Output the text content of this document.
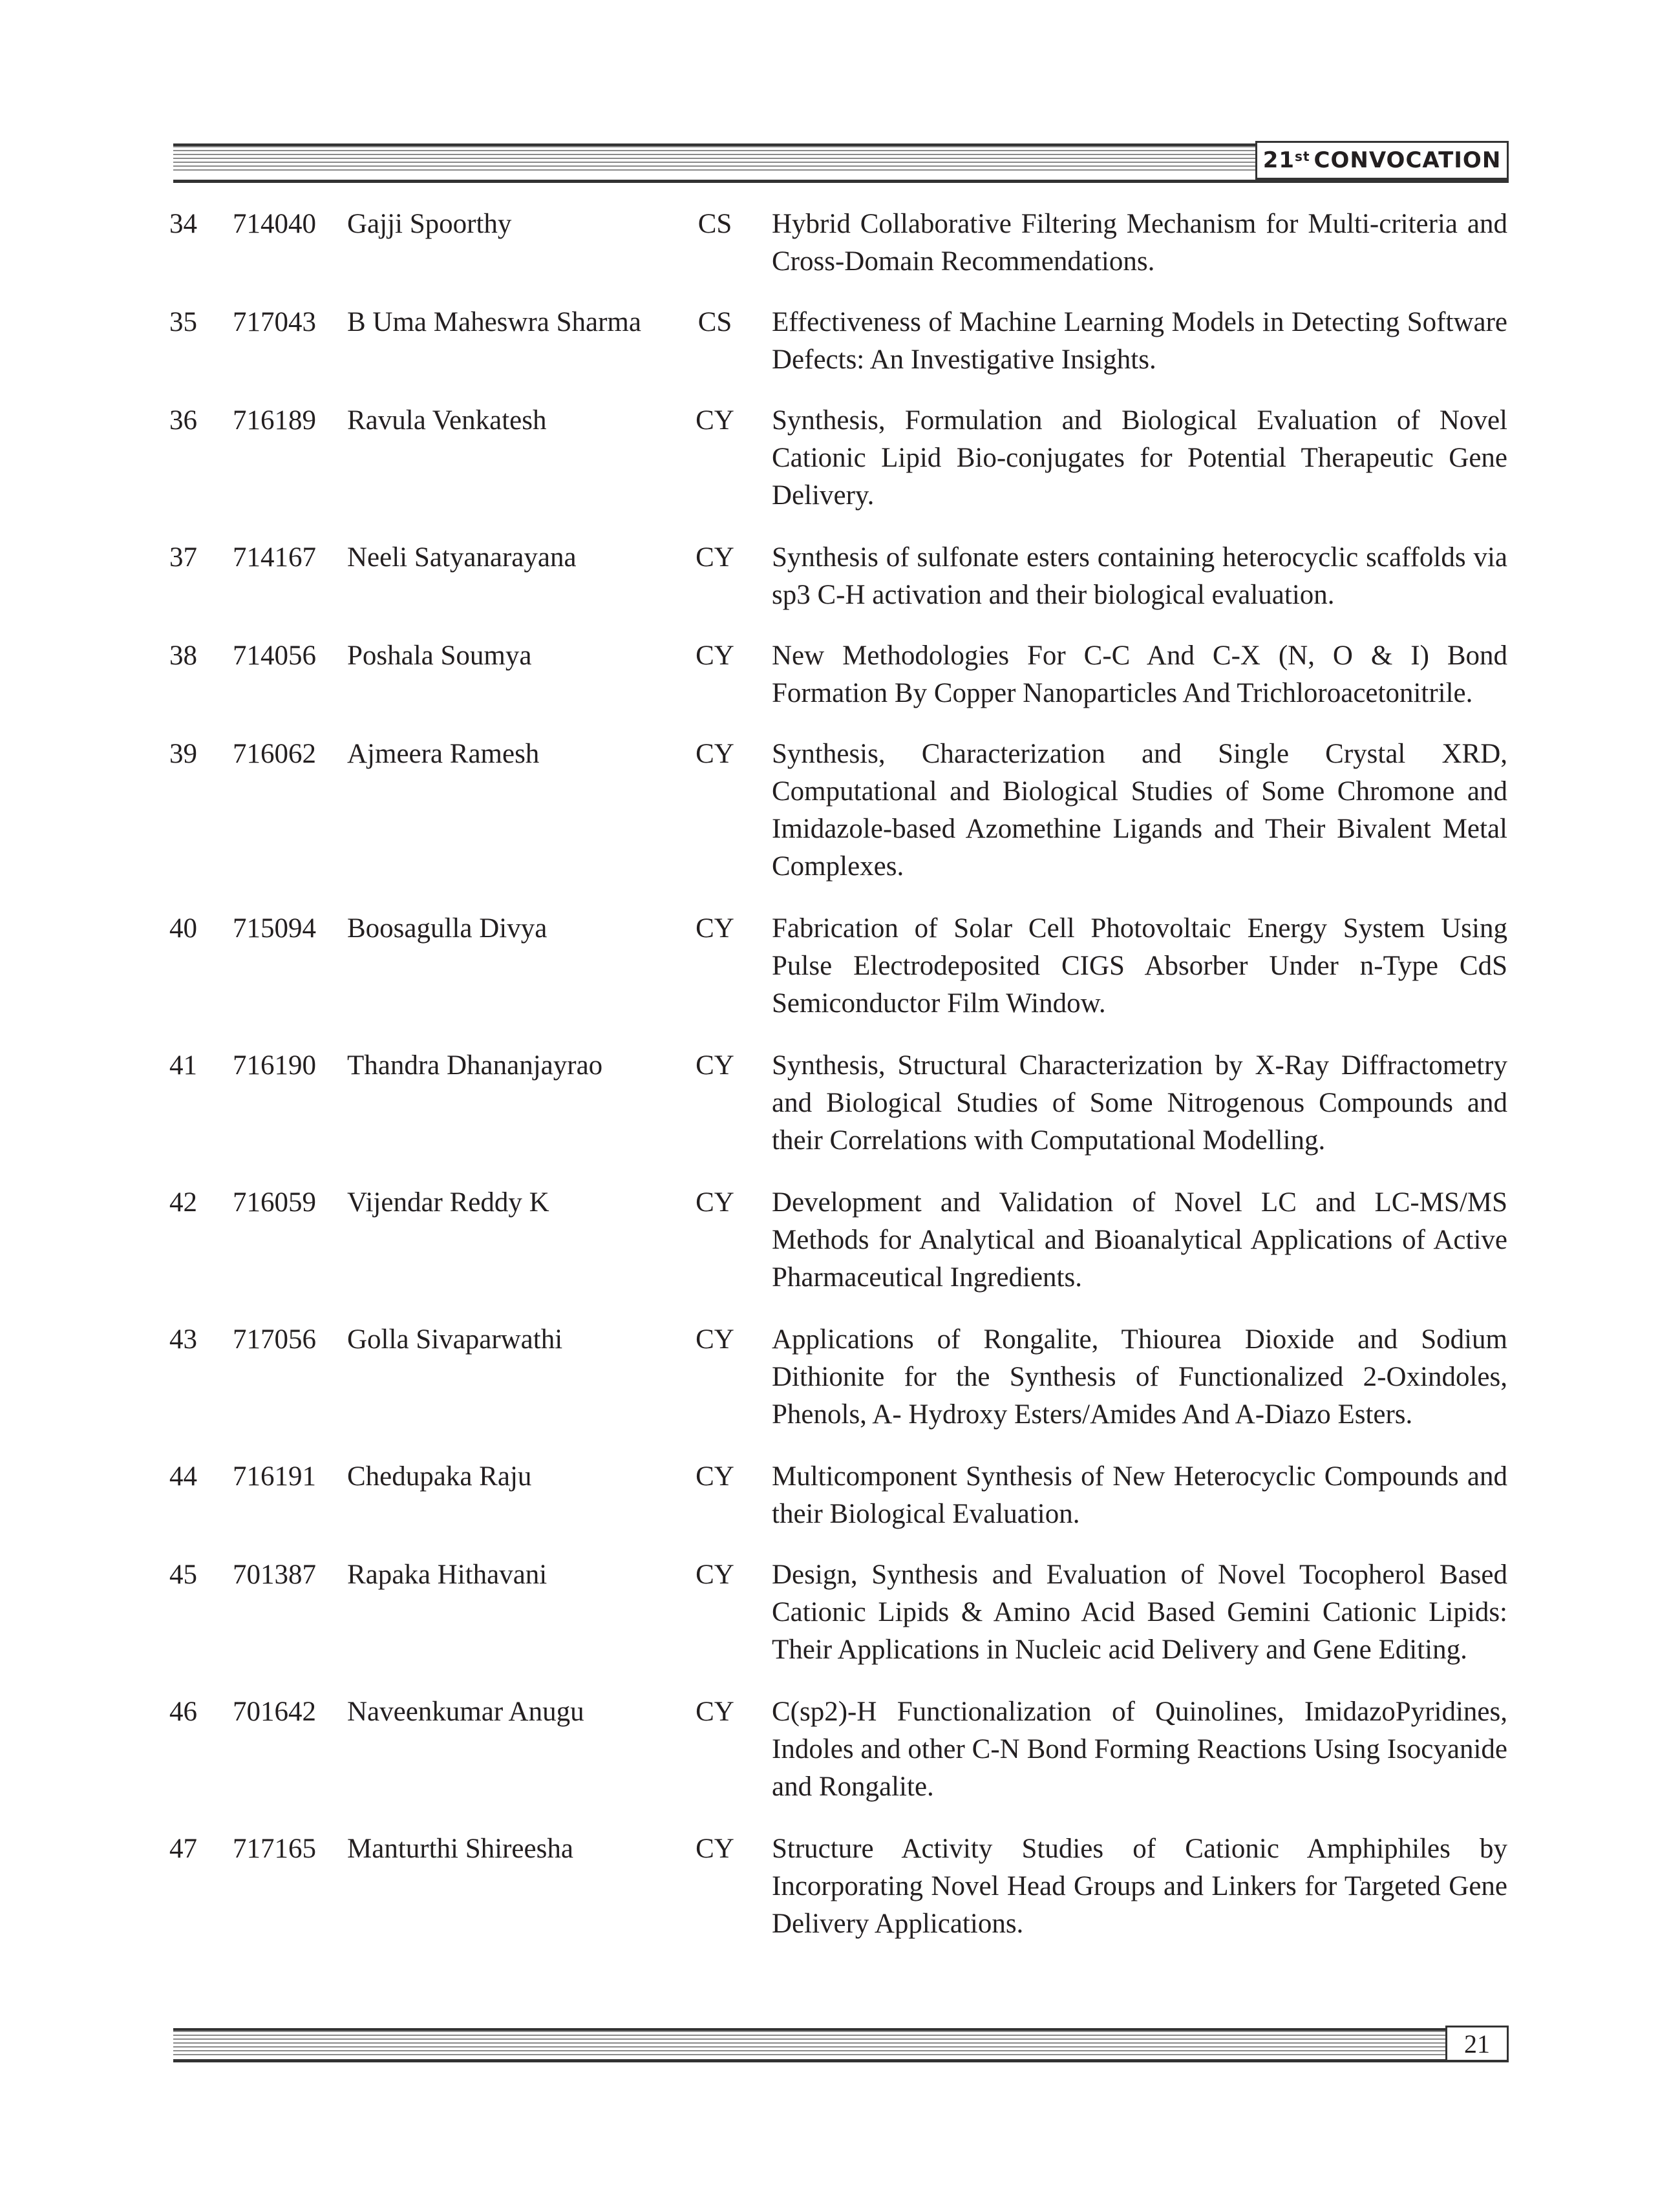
21st CONVOCATION
34 714040 Gajji Spoorthy	CS Hybrid Collaborative Filtering Mechanism for Multi-criteria and Cross-Domain Recommendations.
35 717043 B Uma Maheswra Sharma CS Effectiveness of Machine Learning Models in Detecting Software Defects: An Investigative Insights.
36 716189 Ravula Venkatesh	CY Synthesis, Formulation and Biological Evaluation of Novel Cationic Lipid Bio-conjugates for Potential Therapeutic Gene Delivery.
37 714167 Neeli Satyanarayana	CY Synthesis of sulfonate esters containing heterocyclic scaffolds via sp3 C-H activation and their biological evaluation.
38 714056 Poshala Soumya	CY New Methodologies For C-C And C-X (N, O & I) Bond Formation By Copper Nanoparticles And Trichloroacetonitrile.
39 716062 Ajmeera Ramesh	CY Synthesis, Characterization and Single Crystal XRD, Computational and Biological Studies of Some Chromone and Imidazole-based Azomethine Ligands and Their Bivalent Metal Complexes.
40 715094 Boosagulla Divya	CY Fabrication of Solar Cell Photovoltaic Energy System Using Pulse Electrodeposited CIGS Absorber Under n-Type CdS Semiconductor Film Window.
41 716190 Thandra Dhananjayrao	CY Synthesis, Structural Characterization by X-Ray Diffractometry and Biological Studies of Some Nitrogenous Compounds and their Correlations with Computational Modelling.
42 716059 Vijendar Reddy K	CY Development and Validation of Novel LC and LC-MS/MS Methods for Analytical and Bioanalytical Applications of Active Pharmaceutical Ingredients.
43 717056 Golla Sivaparwathi	CY Applications of Rongalite, Thiourea Dioxide and Sodium Dithionite for the Synthesis of Functionalized 2-Oxindoles, Phenols, A- Hydroxy Esters/Amides And A-Diazo Esters.
44 716191 Chedupaka Raju	CY Multicomponent Synthesis of New Heterocyclic Compounds and their Biological Evaluation.
45 701387 Rapaka Hithavani	CY Design, Synthesis and Evaluation of Novel Tocopherol Based Cationic Lipids & Amino Acid Based Gemini Cationic Lipids: Their Applications in Nucleic acid Delivery and Gene Editing.
46 701642 Naveenkumar Anugu	CY C(sp2)-H Functionalization of Quinolines, ImidazoPyridines, Indoles and other C-N Bond Forming Reactions Using Isocyanide and Rongalite.
47 717165 Manturthi Shireesha	CY Structure Activity Studies of Cationic Amphiphiles by Incorporating Novel Head Groups and Linkers for Targeted Gene Delivery Applications.
21
